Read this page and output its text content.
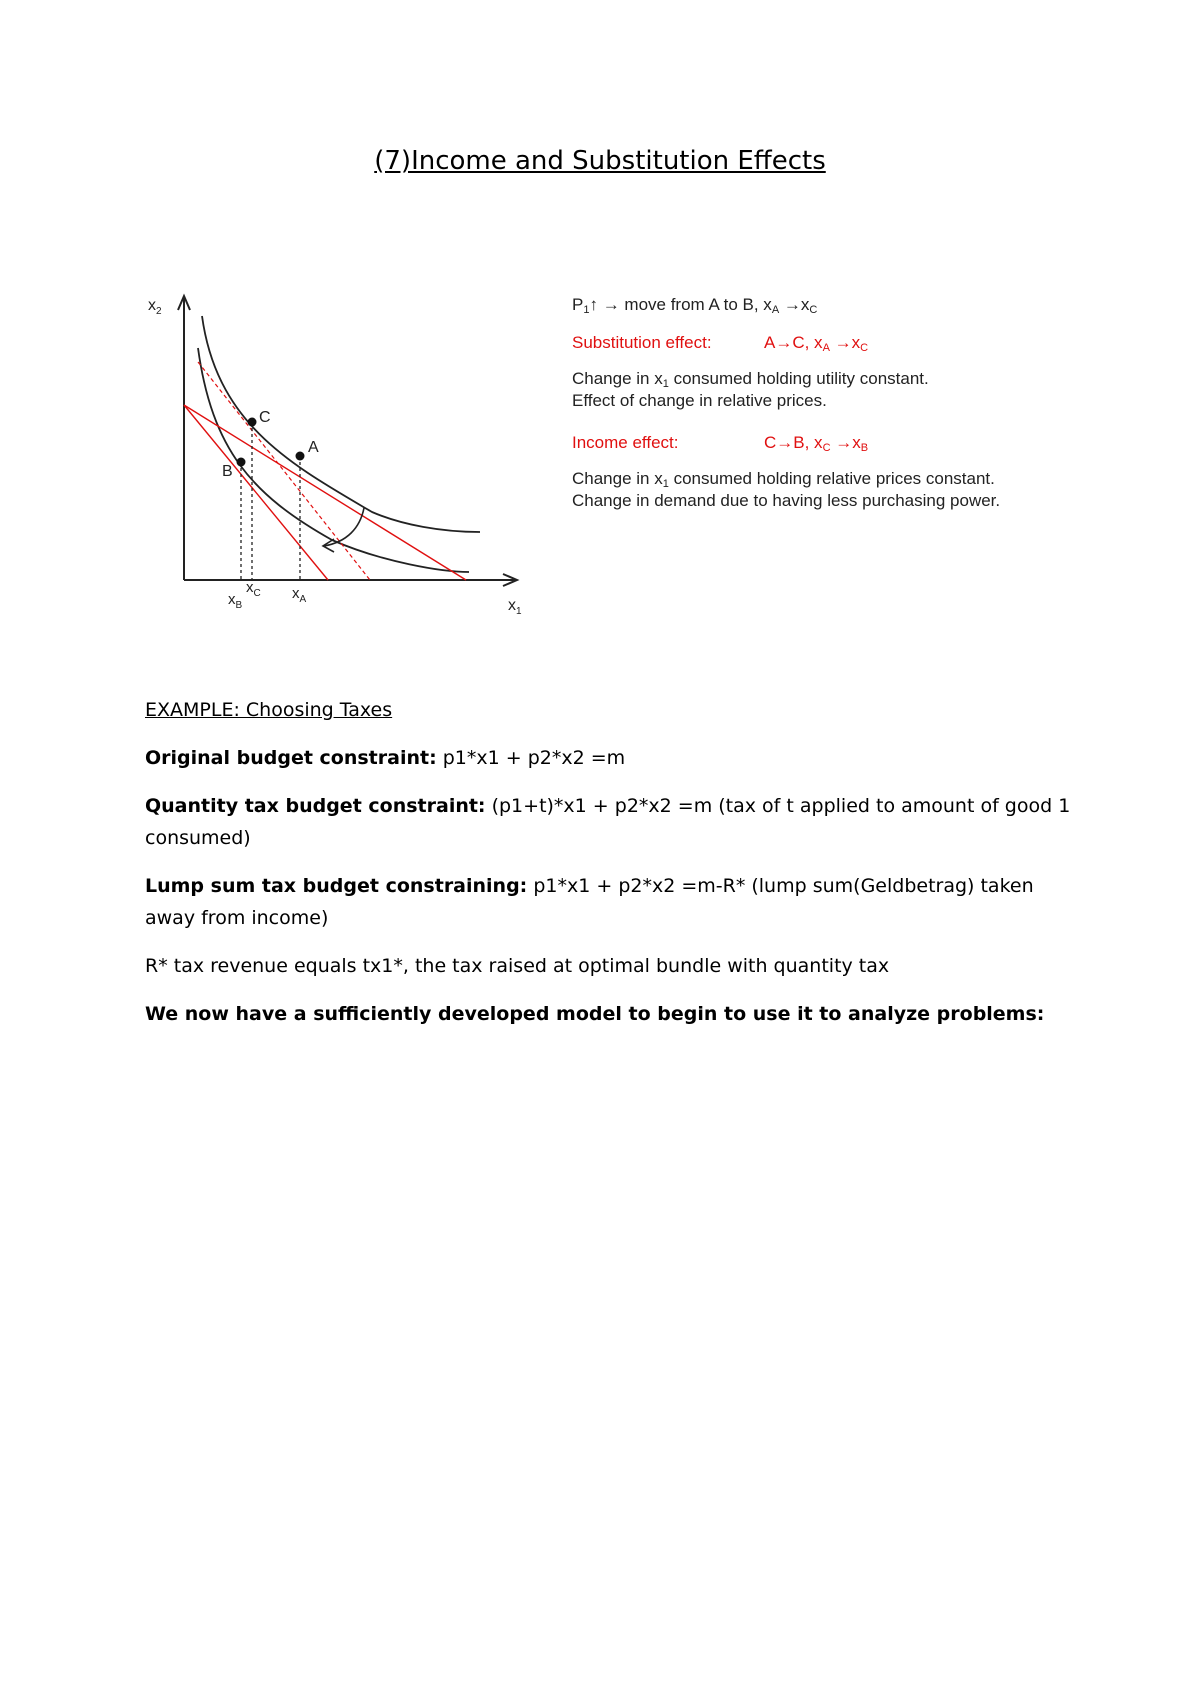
(7)Income and Substitution Effects
$x_2$
$x_1$
A
B
C
$x_B$
$x_C$ $x_A$
$P_1↑$ → move from A to B, $x_A \to x_C$
Substitution effect:	A→C, $x_A \to x_C$
Change in $x_1$ consumed holding utility constant.
Effect of change in relative prices.
Income effect:	C→B, $x_C \to x_B$
Change in $x_1$ consumed holding relative prices constant.
Change in demand due to having less purchasing power.

EXAMPLE: Choosing Taxes

Original budget constraint: p1*x1 + p2*x2 =m

Quantity tax budget constraint: (p1+t)*x1 + p2*x2 =m (tax of t applied to amount of good 1 consumed)

Lump sum tax budget constraining: p1*x1 + p2*x2 =m-R* (lump sum(Geldbetrag) taken away from income)

R* tax revenue equals tx1*, the tax raised at optimal bundle with quantity tax

We now have a sufficiently developed model to begin to use it to analyze problems:
